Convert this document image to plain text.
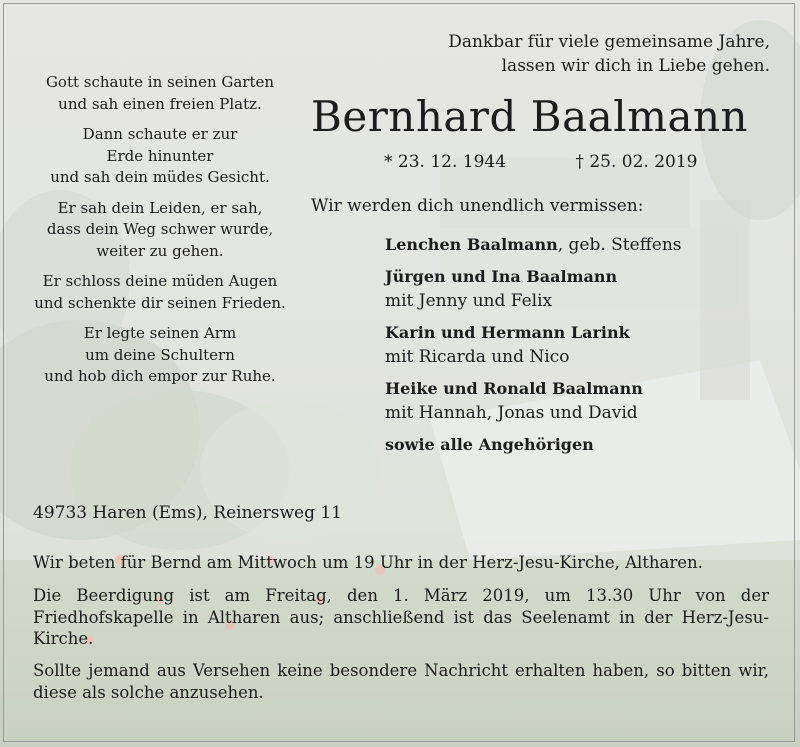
Dankbar für viele gemeinsame Jahre,
lassen wir dich in Liebe gehen.

Gott schaute in seinen Garten
und sah einen freien Platz.

Dann schaute er zur
Erde hinunter
und sah dein müdes Gesicht.

Er sah dein Leiden, er sah,
dass dein Weg schwer wurde,
weiter zu gehen.

Er schloss deine müden Augen
und schenkte dir seinen Frieden.

Er legte seinen Arm
um deine Schultern
und hob dich empor zur Ruhe.

Bernhard Baalmann
* 23. 12. 1944	† 25. 02. 2019
Wir werden dich unendlich vermissen:
Lenchen Baalmann, geb. Steffens
Jürgen und Ina Baalmann
mit Jenny und Felix
Karin und Hermann Larink
mit Ricarda und Nico
Heike und Ronald Baalmann
mit Hannah, Jonas und David
sowie alle Angehörigen
49733 Haren (Ems), Reinersweg 11
Wir beten für Bernd am Mittwoch um 19 Uhr in der Herz-Jesu-Kirche, Altharen.
Die Beerdigung ist am Freitag, den 1. März 2019, um 13.30 Uhr von der Friedhofskapelle in Altharen aus; anschließend ist das Seelenamt in der Herz-Jesu-Kirche.
Sollte jemand aus Versehen keine besondere Nachricht erhalten haben, so bitten wir, diese als solche anzusehen.
